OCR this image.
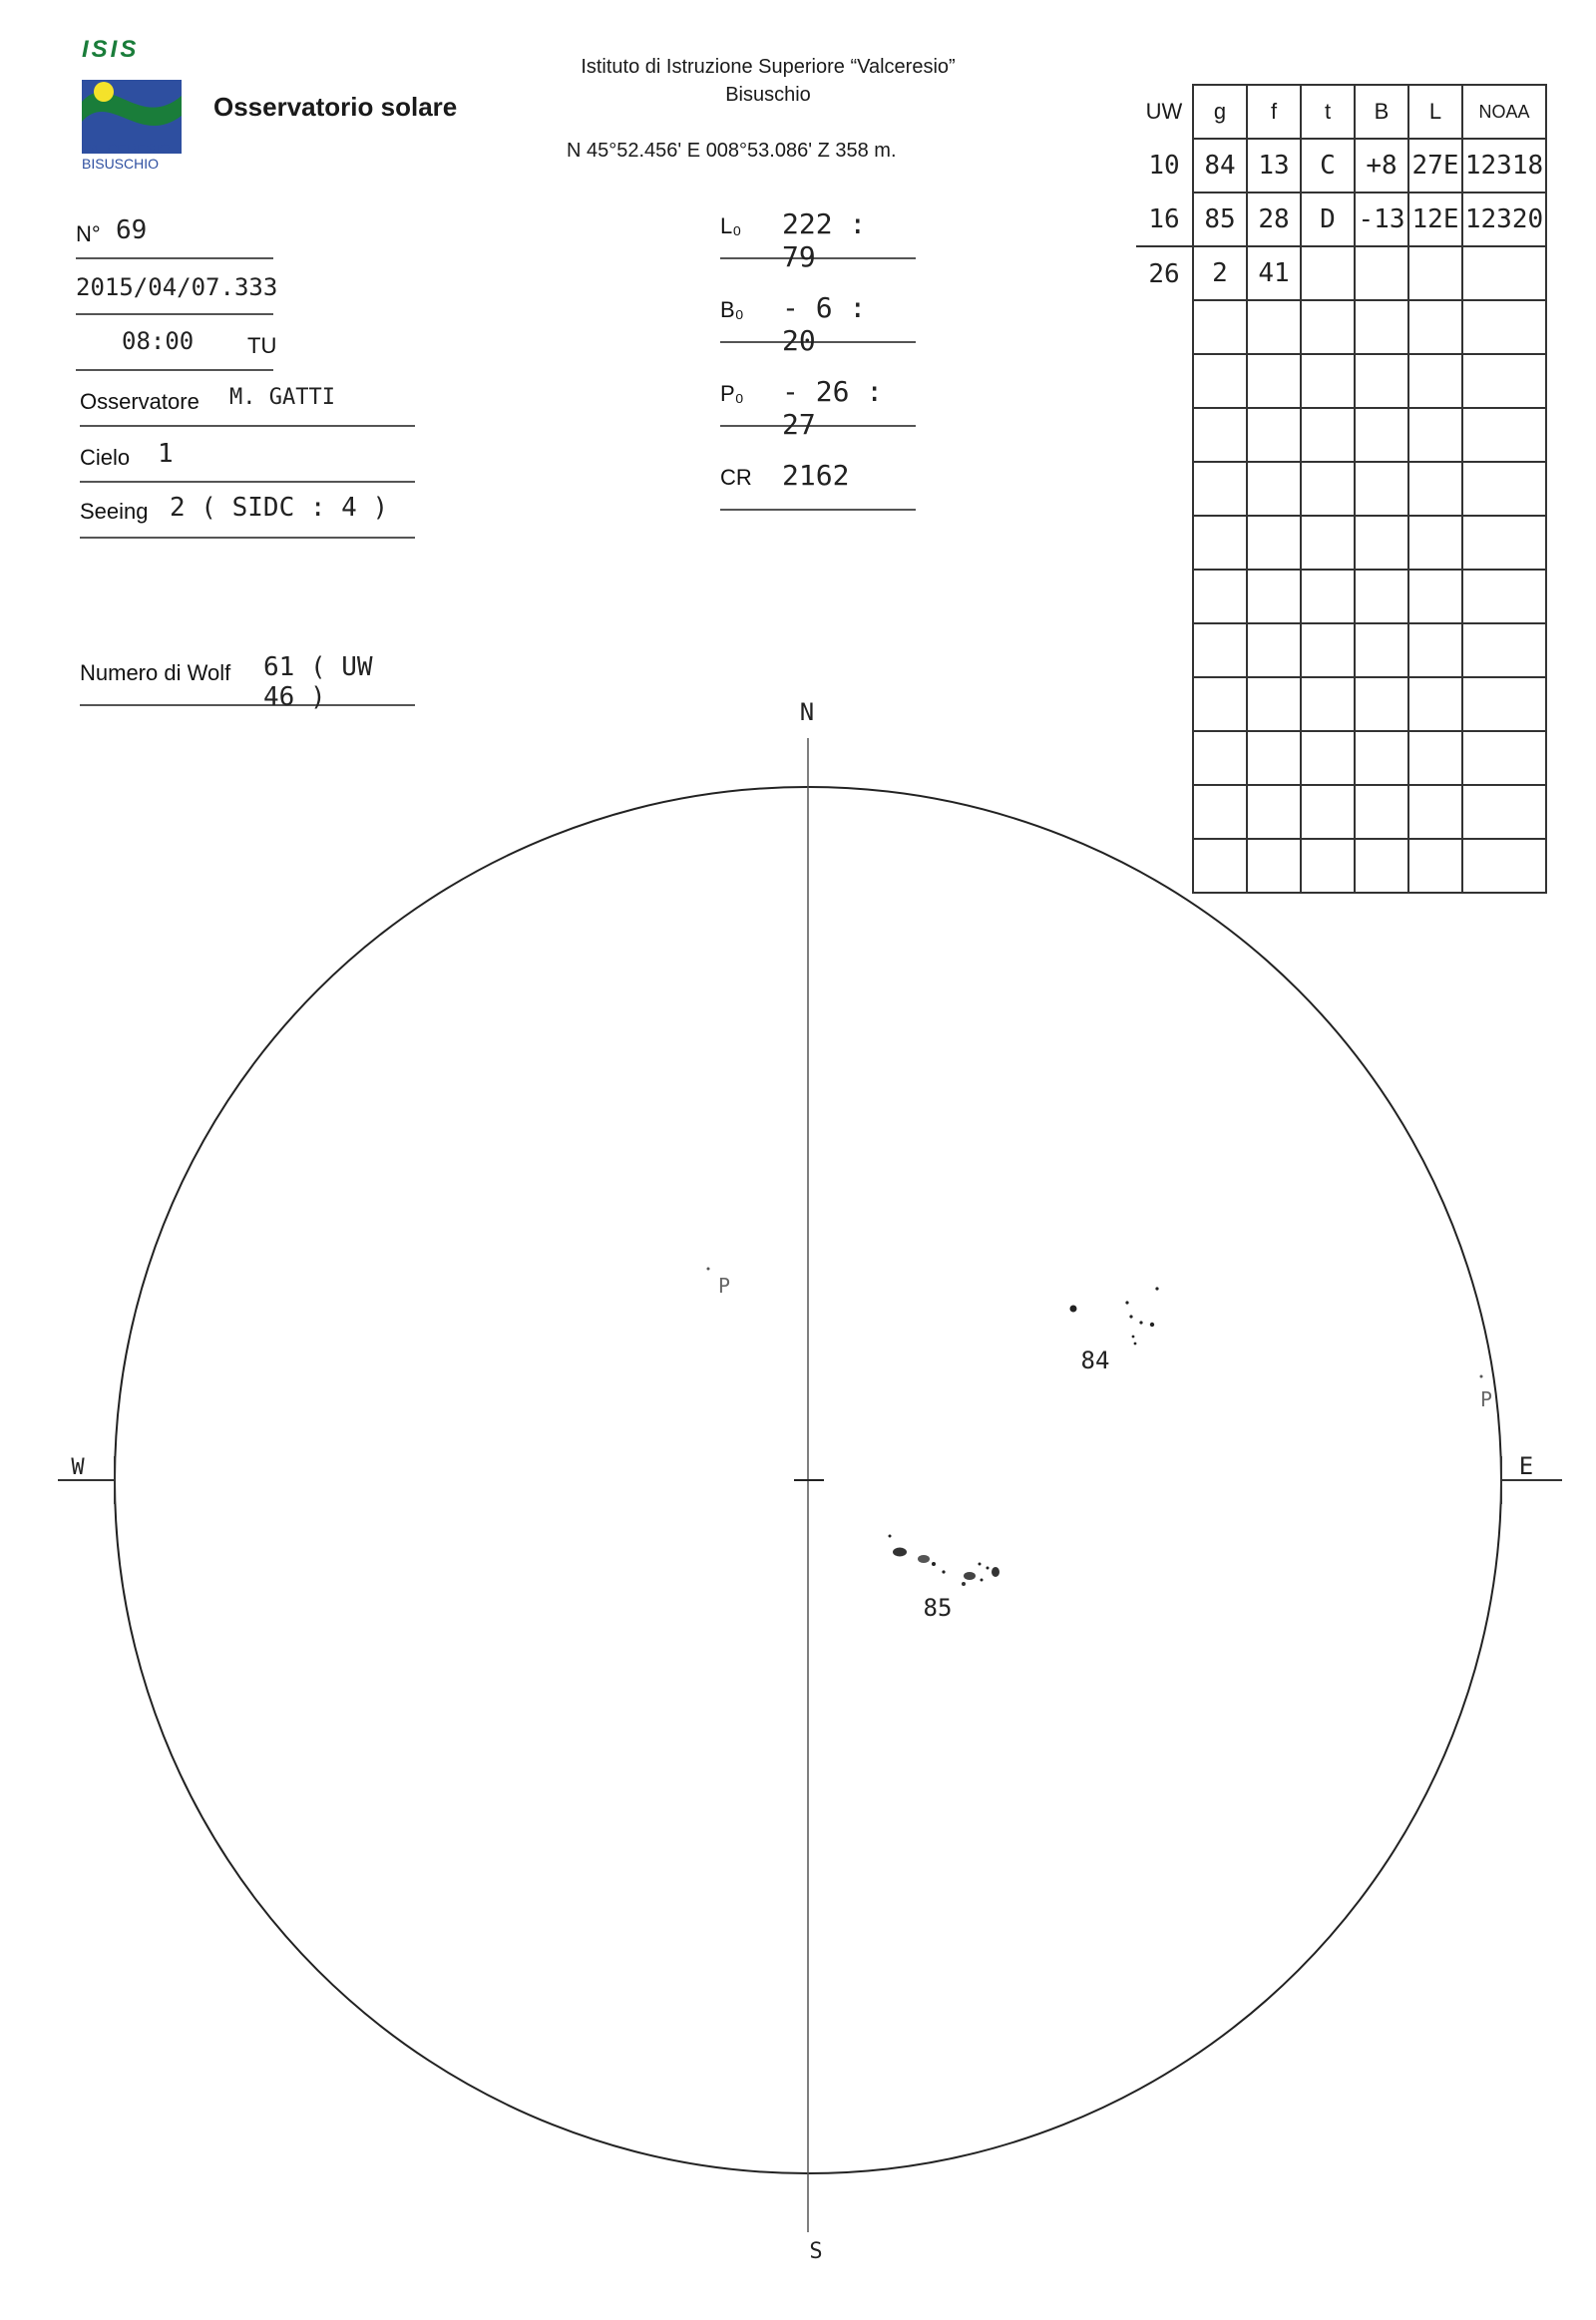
ISIS
VALCERESIO
BISUSCHIO
Osservatorio solare
Istituto di Istruzione Superiore “Valceresio”
Bisuschio
N 45°52.456' E 008°53.086' Z 358 m.
N° 69
2015/04/07.333
08:00 TU
Osservatore M. GATTI
Cielo 1
Seeing 2 ( SIDC : 4 )
Numero di Wolf 61 ( UW 46 )
L₀ 222 : 79
B₀ - 6 : 20
P₀ - 26 : 27
CR 2162
UW	g	f	t	B	L	NOAA
10	84	13	C	+8	27E	12318
16	85	28	D	-13	12E	12320
26	2	41				

N
S
E
W
P
P
84
85
